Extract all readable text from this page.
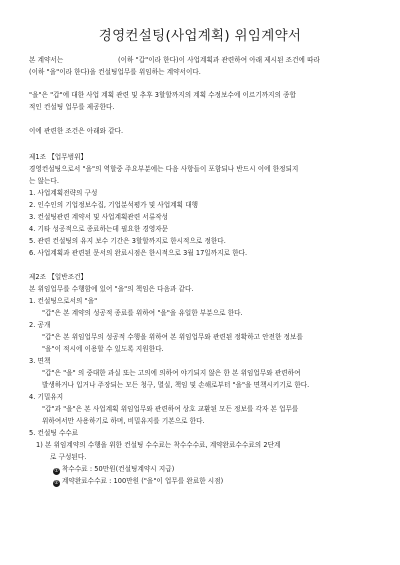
경영컨설팅(사업계획) 위임계약서
본 계약서는	(이하 "갑"이라 한다)이 사업계획과 관련하여 아래 제시된 조건에 따라
(이하 "을"이라 한다)을 컨설팅업무를 위임하는 계약서이다.
"을"은 "갑"에 대한 사업 계획 관련 및 추후 3할할까지의 계획 수정보수에 이르기까지의 종합
적인 컨설팅 업무를 제공한다.
이에 관련한 조건은 아래와 같다.
제1조 【업무범위】
경영컨설팅으로서 "을"의 역할중 주요부분에는 다음 사항들이 포함되나 반드시 이에 한정되지
는 않는다.
1. 사업계획전략의 구성
2. 인수인의 기업정보수집, 기업분석평가 및 사업계획 대행
3. 컨설팅관련 계약서 및 사업계획관련 서류작성
4. 기타 성공적으로 종료하는데 필요한 경영자문
5. 관련 컨설팅의 유지 보수 기간은 3할할까지로 한시적으로 정한다.
6. 사업계획과 관련된 문서의 완료시점은 한시적으로 3월 17일까지로 한다.
제2조 【일반조건】
본 위임업무를 수행함에 있어 "을"의 책임은 다음과 같다.
1. 컨설팅으로서의 "을"
"갑"은 본 계약의 성공적 종료를 위하여 "을"을 유일한 부분으로 한다.
2. 공개
"갑"은 본 위임업무의 성공적 수행을 위하여 본 위임업무와 관련된 정확하고 안전한 정보를
"을"이 적시에 이용할 수 있도록 지원한다.
3. 면책
"갑"은 "을" 의 중대한 과실 또는 고의에 의하여 야기되지 않은 한 본 위임업무와 관련하여
발생하거나 입거나 주장되는 모든 청구, 멸실, 책임 및 손해로부터 "을"을 면책시키기로 한다.
4. 기밀유지
"갑"과 "을"은 본 사업계획 위임업무와 관련하여 상호 교환된 모든 정보를 각자 본 업무를
위하여서만 사용하기로 하며, 비밀유지를 기본으로 한다.
5. 컨설팅 수수료
1) 본 위임계약의 수행을 위한 컨설팅 수수료는 착수수수료, 계약완료수수료의 2단계
로 구성된다.
① 착수수료 : 50만원(컨설팅계약시 지급)
② 계약완료수수료 : 100만원 ("을"이 업무를 완료한 시점)
